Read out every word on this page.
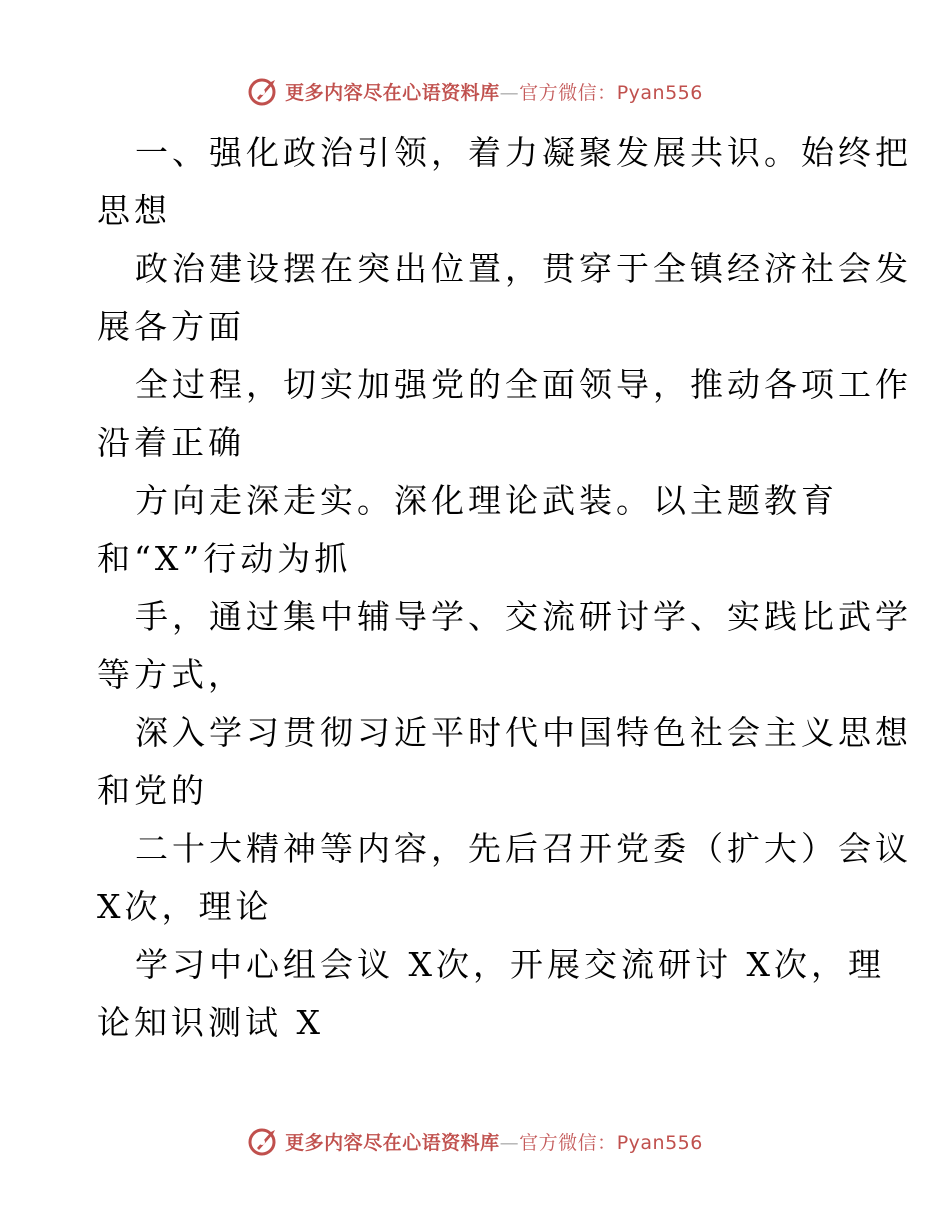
更多内容尽在心语资料库—官方微信：Pyan556
一、强化政治引领，着力凝聚发展共识。始终把
思想
政治建设摆在突出位置，贯穿于全镇经济社会发
展各方面
全过程，切实加强党的全面领导，推动各项工作
沿着正确
方向走深走实。深化理论武装。以主题教育
和“X”行动为抓
手，通过集中辅导学、交流研讨学、实践比武学
等方式，
深入学习贯彻习近平时代中国特色社会主义思想
和党的
二十大精神等内容，先后召开党委（扩大）会议
X次，理论
学习中心组会议 X次，开展交流研讨 X次，理
论知识测试 X
更多内容尽在心语资料库—官方微信：Pyan556
